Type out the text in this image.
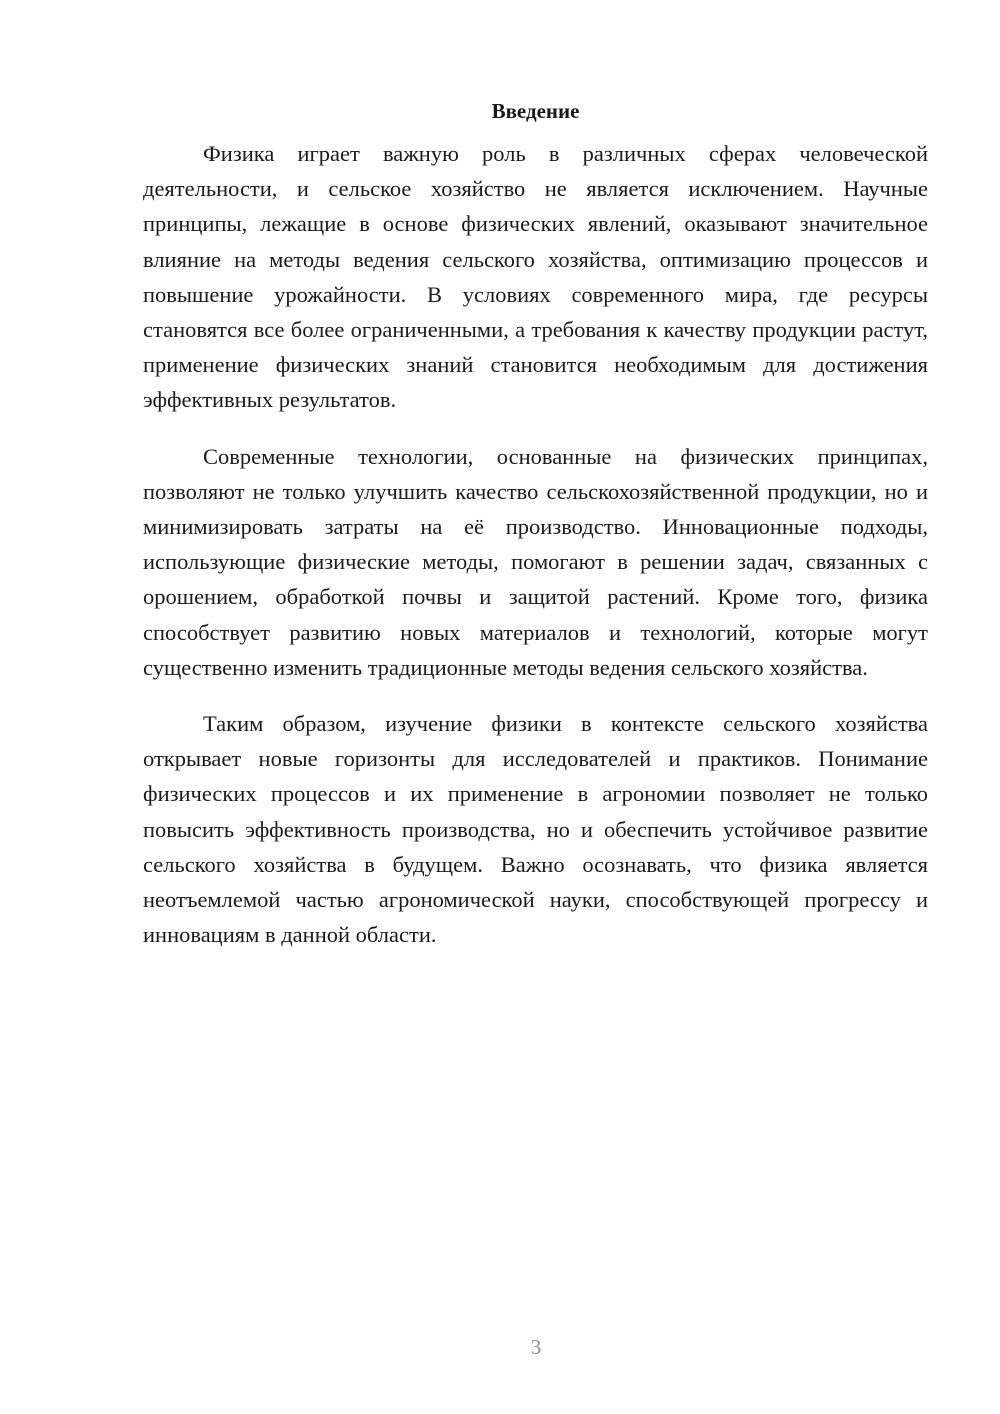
Введение

Физика играет важную роль в различных сферах человеческой деятельности, и сельское хозяйство не является исключением. Научные принципы, лежащие в основе физических явлений, оказывают значительное влияние на методы ведения сельского хозяйства, оптимизацию процессов и повышение урожайности. В условиях современного мира, где ресурсы становятся все более ограниченными, а требования к качеству продукции растут, применение физических знаний становится необходимым для достижения эффективных результатов.

Современные технологии, основанные на физических принципах, позволяют не только улучшить качество сельскохозяйственной продукции, но и минимизировать затраты на её производство. Инновационные подходы, использующие физические методы, помогают в решении задач, связанных с орошением, обработкой почвы и защитой растений. Кроме того, физика способствует развитию новых материалов и технологий, которые могут существенно изменить традиционные методы ведения сельского хозяйства.

Таким образом, изучение физики в контексте сельского хозяйства открывает новые горизонты для исследователей и практиков. Понимание физических процессов и их применение в агрономии позволяет не только повысить эффективность производства, но и обеспечить устойчивое развитие сельского хозяйства в будущем. Важно осознавать, что физика является неотъемлемой частью агрономической науки, способствующей прогрессу и инновациям в данной области.

3
